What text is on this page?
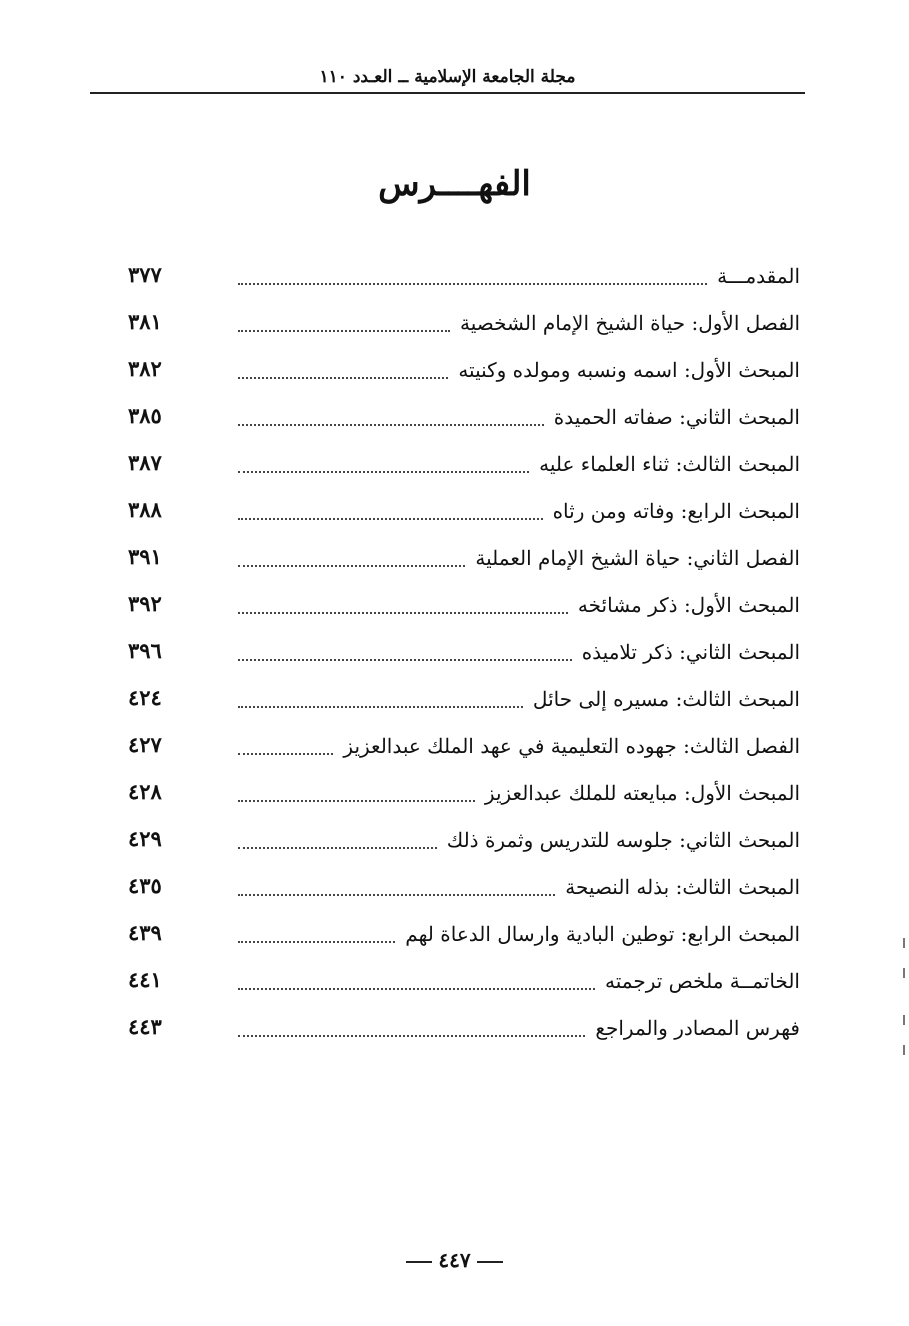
مجلة الجامعة الإسلامية ــ العـدد ١١٠
الفهــــرس
المقدمـــة
٣٧٧
الفصل الأول: حياة الشيخ الإمام الشخصية
٣٨١
المبحث الأول: اسمه ونسبه ومولده وكنيته
٣٨٢
المبحث الثاني: صفاته الحميدة
٣٨٥
المبحث الثالث: ثناء العلماء عليه
٣٨٧
المبحث الرابع: وفاته ومن رثاه
٣٨٨
الفصل الثاني: حياة الشيخ الإمام العملية
٣٩١
المبحث الأول: ذكر مشائخه
٣٩٢
المبحث الثاني: ذكر تلاميذه
٣٩٦
المبحث الثالث: مسيره إلى حائل
٤٢٤
الفصل الثالث: جهوده التعليمية في عهد الملك عبدالعزيز
٤٢٧
المبحث الأول: مبايعته للملك عبدالعزيز
٤٢٨
المبحث الثاني: جلوسه للتدريس وثمرة ذلك
٤٢٩
المبحث الثالث: بذله النصيحة
٤٣٥
المبحث الرابع: توطين البادية وارسال الدعاة لهم
٤٣٩
الخاتمــة ملخص ترجمته
٤٤١
فهرس المصادر والمراجع
٤٤٣
٤٤٧
